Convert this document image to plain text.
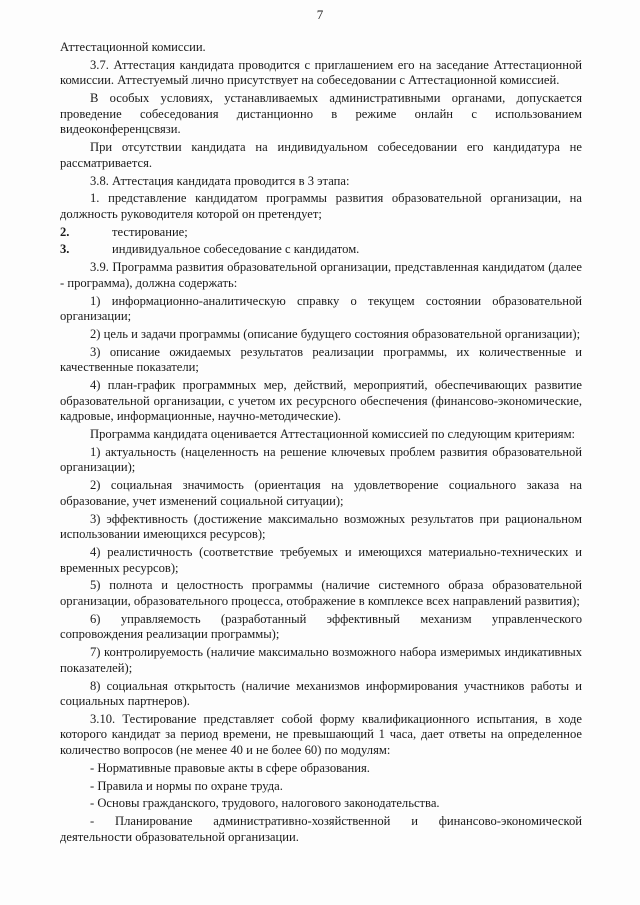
7

Аттестационной комиссии.

3.7. Аттестация кандидата проводится с приглашением его на заседание Аттестационной комиссии. Аттестуемый лично присутствует на собеседовании с Аттестационной комиссией.

В особых условиях, устанавливаемых административными органами, допускается проведение собеседования дистанционно в режиме онлайн с использованием видеоконференцсвязи.

При отсутствии кандидата на индивидуальном собеседовании его кандидатура не рассматривается.

3.8. Аттестация кандидата проводится в 3 этапа:

1. представление кандидатом программы развития образовательной организации, на должность руководителя которой он претендует;

2.	тестирование;

3.	индивидуальное собеседование с кандидатом.

3.9. Программа развития образовательной организации, представленная кандидатом (далее - программа), должна содержать:

1) информационно-аналитическую справку о текущем состоянии образовательной организации;

2) цель и задачи программы (описание будущего состояния образовательной организации);

3) описание ожидаемых результатов реализации программы, их количественные и качественные показатели;

4) план-график программных мер, действий, мероприятий, обеспечивающих развитие образовательной организации, с учетом их ресурсного обеспечения (финансово-экономические, кадровые, информационные, научно-методические).

Программа кандидата оценивается Аттестационной комиссией по следующим критериям:

1) актуальность (нацеленность на решение ключевых проблем развития образовательной организации);

2) социальная значимость (ориентация на удовлетворение социального заказа на образование, учет изменений социальной ситуации);

3) эффективность (достижение максимально возможных результатов при рациональном использовании имеющихся ресурсов);

4) реалистичность (соответствие требуемых и имеющихся материально-технических и временных ресурсов);

5) полнота и целостность программы (наличие системного образа образовательной организации, образовательного процесса, отображение в комплексе всех направлений развития);

6) управляемость (разработанный эффективный механизм управленческого сопровождения реализации программы);

7) контролируемость (наличие максимально возможного набора измеримых индикативных показателей);

8) социальная открытость (наличие механизмов информирования участников работы и социальных партнеров).

3.10. Тестирование представляет собой форму квалификационного испытания, в ходе которого кандидат за период времени, не превышающий 1 часа, дает ответы на определенное количество вопросов (не менее 40 и не более 60) по модулям:

- Нормативные правовые акты в сфере образования.

- Правила и нормы по охране труда.

- Основы гражданского, трудового, налогового законодательства.

- Планирование административно-хозяйственной и финансово-экономической деятельности образовательной организации.
